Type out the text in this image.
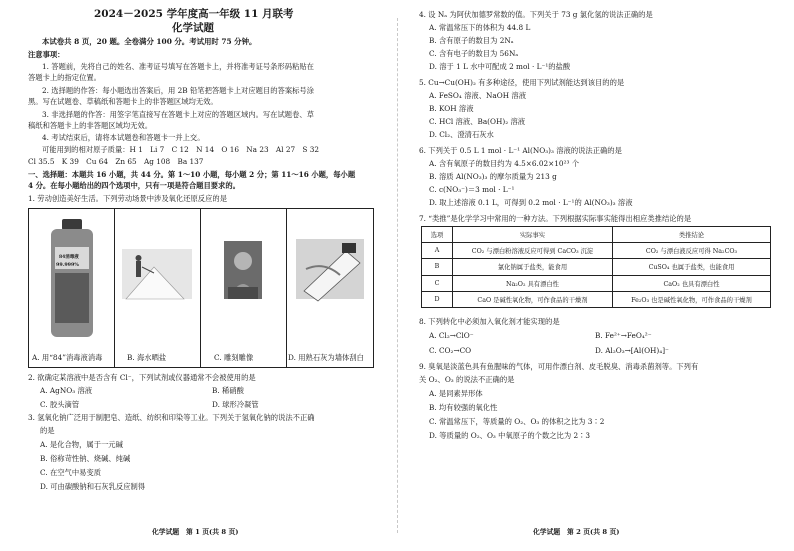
2024－2025 学年度高一年级 11 月联考
化学试题
本试卷共 8 页，20 题。全卷满分 100 分。考试用时 75 分钟。
注意事项：
1. 答题前，先将自己的姓名、准考证号填写在答题卡上，并将准考证号条形码粘贴在
答题卡上的指定位置。
2. 选择题的作答：每小题选出答案后，用 2B 铅笔把答题卡上对应题目的答案标号涂
黑。写在试题卷、草稿纸和答题卡上的非答题区域均无效。
3. 非选择题的作答：用签字笔直接写在答题卡上对应的答题区域内。写在试题卷、草
稿纸和答题卡上的非答题区域均无效。
4. 考试结束后，请将本试题卷和答题卡一并上交。
可能用到的相对原子质量：H 1　Li 7　C 12　N 14　O 16　Na 23　Al 27　S 32
Cl 35.5　K 39　Cu 64　Zn 65　Ag 108　Ba 137
一、选择题：本题共 16 小题，共 44 分。第 1～10 小题，每小题 2 分；第 11～16 小题，每小题
4 分。在每小题给出的四个选项中，只有一项是符合题目要求的。
1. 劳动创造美好生活。下列劳动场景中涉及氧化还原反应的是
84消毒液
99.999%
A. 用“84”消毒液消毒	B. 海水晒盐	C. 雕刻雕像	D. 用熟石灰为墙体刮白
2. 欲确定某溶液中是否含有 Cl⁻，下列试剂或仪器通常不会被使用的是
A. AgNO₃ 溶液	B. 稀硝酸
C. 胶头滴管	D. 球形冷凝管
3. 氢氧化钠广泛用于制肥皂、造纸、纺织和印染等工业。下列关于氢氧化钠的说法不正确
的是
A. 是化合物，属于一元碱
B. 俗称苛性钠、烧碱、纯碱
C. 在空气中易变质
D. 可由碳酸钠和石灰乳反应制得
化学试题　第 1 页(共 8 页)
4. 设 Nₐ 为阿伏加德罗常数的值。下列关于 73 g 氯化氢的说法正确的是
A. 常温常压下的体积为 44.8 L
B. 含有原子的数目为 2Nₐ
C. 含有电子的数目为 56Nₐ
D. 溶于 1 L 水中可配成 2 mol · L⁻¹的盐酸
5. Cu→Cu(OH)₂ 有多种途径，使用下列试剂能达到该目的的是
A. FeSO₄ 溶液、NaOH 溶液
B. KOH 溶液
C. HCl 溶液、Ba(OH)₂ 溶液
D. Cl₂、澄清石灰水
6. 下列关于 0.5 L 1 mol · L⁻¹ Al(NO₃)₃ 溶液的说法正确的是
A. 含有氧原子的数目约为 4.5×6.02×10²³ 个
B. 溶质 Al(NO₃)₃ 的摩尔质量为 213 g
C. c(NO₃⁻)＝3 mol · L⁻¹
D. 取上述溶液 0.1 L，可得到 0.2 mol · L⁻¹的 Al(NO₃)₃ 溶液
7. “类推”是化学学习中常用的一种方法。下列根据实际事实能得出相应类推结论的是
选项	实际事实	类推结论
A	CO₂ 与漂白粉溶液反应可得到 CaCO₃ 沉淀	CO₂ 与漂白液反应可得 Na₂CO₃
B	氯化钠属于盐类，能食用	CuSO₄ 也属于盐类，也能食用
C	Na₂O₂ 具有漂白性	CaO₂ 也具有漂白性
D	CaO 是碱性氧化物，可作食品的干燥剂	Fe₂O₃ 也是碱性氧化物，可作食品的干燥剂
8. 下列转化中必须加入氧化剂才能实现的是
A. Cl₂→ClO⁻	B. Fe²⁺→FeO₄²⁻
C. CO₂→CO	D. Al₂O₃→[Al(OH)₄]⁻
9. 臭氧是淡蓝色具有鱼腥味的气体，可用作漂白剂、皮毛脱臭、消毒杀菌剂等。下列有
关 O₂、O₃ 的说法不正确的是
A. 是同素异形体
B. 均有较强的氧化性
C. 常温常压下，等质量的 O₂、O₃ 的体积之比为 3∶2
D. 等质量的 O₂、O₃ 中氧原子的个数之比为 2∶3
化学试题　第 2 页(共 8 页)
